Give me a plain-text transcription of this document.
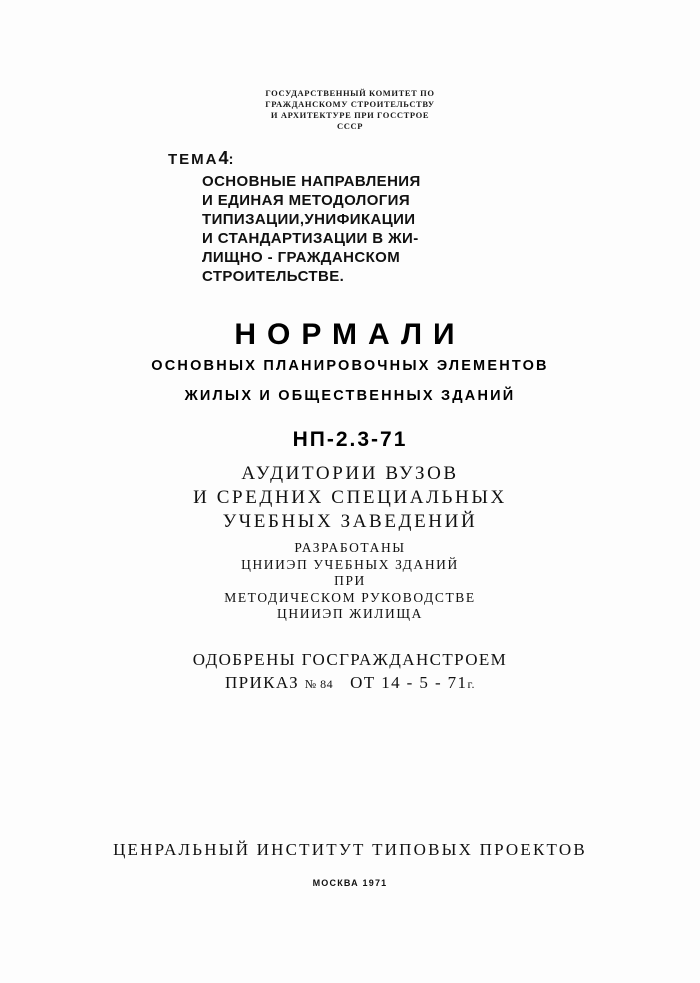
ГОСУДАРСТВЕННЫЙ КОМИТЕТ ПО
ГРАЖДАНСКОМУ СТРОИТЕЛЬСТВУ
И АРХИТЕКТУРЕ ПРИ ГОССТРОЕ
СССР
ТЕМА4:
ОСНОВНЫЕ НАПРАВЛЕНИЯ
И ЕДИНАЯ МЕТОДОЛОГИЯ
ТИПИЗАЦИИ,УНИФИКАЦИИ
И СТАНДАРТИЗАЦИИ В ЖИ-
ЛИЩНО - ГРАЖДАНСКОМ
СТРОИТЕЛЬСТВЕ.
НОРМАЛИ
ОСНОВНЫХ ПЛАНИРОВОЧНЫХ ЭЛЕМЕНТОВ
ЖИЛЫХ И ОБЩЕСТВЕННЫХ ЗДАНИЙ
НП-2.3-71
АУДИТОРИИ ВУЗОВ
И СРЕДНИХ СПЕЦИАЛЬНЫХ
УЧЕБНЫХ ЗАВЕДЕНИЙ
РАЗРАБОТАНЫ
ЦНИИЭП УЧЕБНЫХ ЗДАНИЙ
ПРИ
МЕТОДИЧЕСКОМ РУКОВОДСТВЕ
ЦНИИЭП ЖИЛИЩА
ОДОБРЕНЫ ГОСГРАЖДАНСТРОЕМ
ПРИКАЗ № 84 ОТ 14 - 5 - 71г.
ЦЕНРАЛЬНЫЙ ИНСТИТУТ ТИПОВЫХ ПРОЕКТОВ
МОСКВА 1971
